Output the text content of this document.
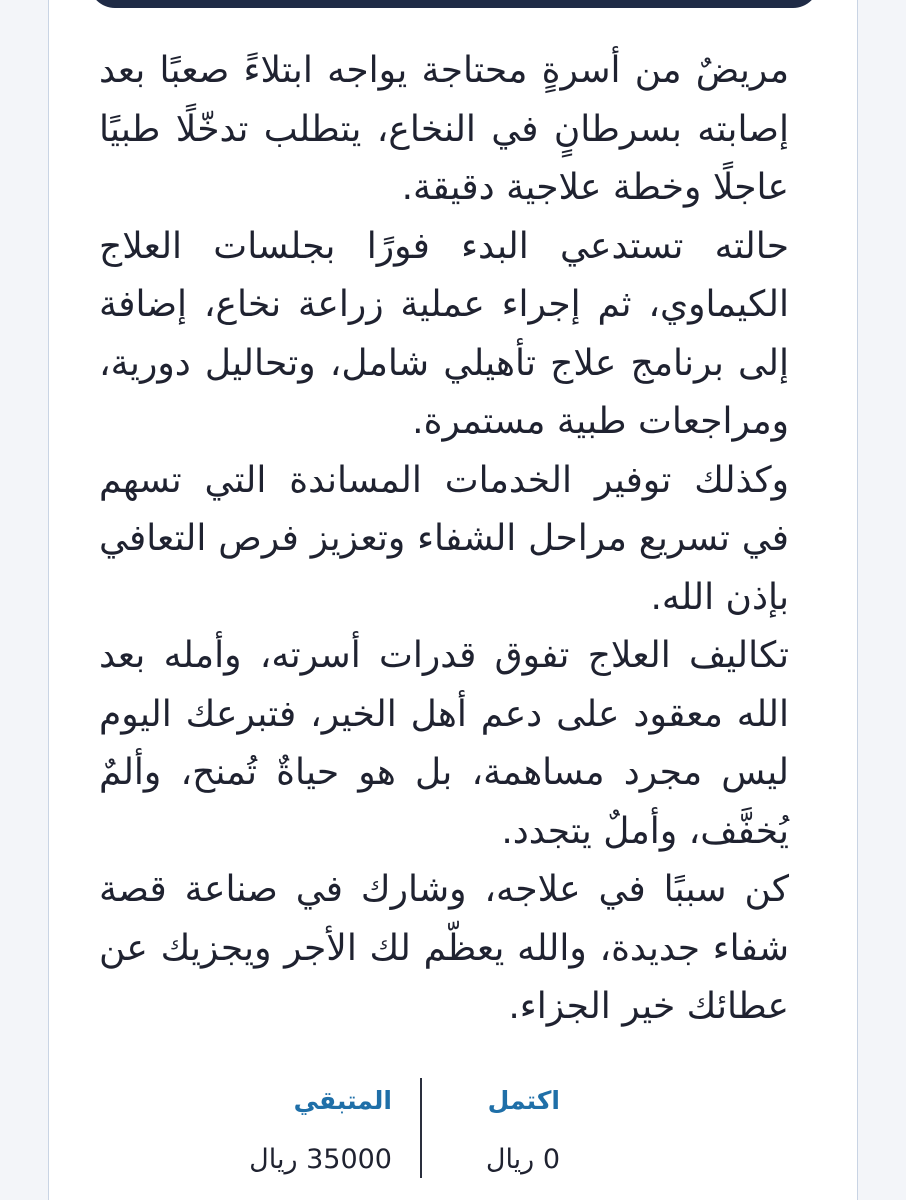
مريضٌ من أسرةٍ محتاجة يواجه ابتلاءً صعبًا بعد إصابته بسرطانٍ في النخاع، يتطلب تدخّلًا طبيًا عاجلًا وخطة علاجية دقيقة.

حالته تستدعي البدء فورًا بجلسات العلاج الكيماوي، ثم إجراء عملية زراعة نخاع، إضافة إلى برنامج علاج تأهيلي شامل، وتحاليل دورية، ومراجعات طبية مستمرة.

وكذلك توفير الخدمات المساندة التي تسهم في تسريع مراحل الشفاء وتعزيز فرص التعافي بإذن الله.

تكاليف العلاج تفوق قدرات أسرته، وأمله بعد الله معقود على دعم أهل الخير، فتبرعك اليوم ليس مجرد مساهمة، بل هو حياةٌ تُمنح، وألمٌ يُخفَّف، وأملٌ يتجدد.

كن سببًا في علاجه، وشارك في صناعة قصة شفاء جديدة، والله يعظّم لك الأجر ويجزيك عن عطائك خير الجزاء.

اكتمل
0 ريال
المتبقي
35000 ريال
